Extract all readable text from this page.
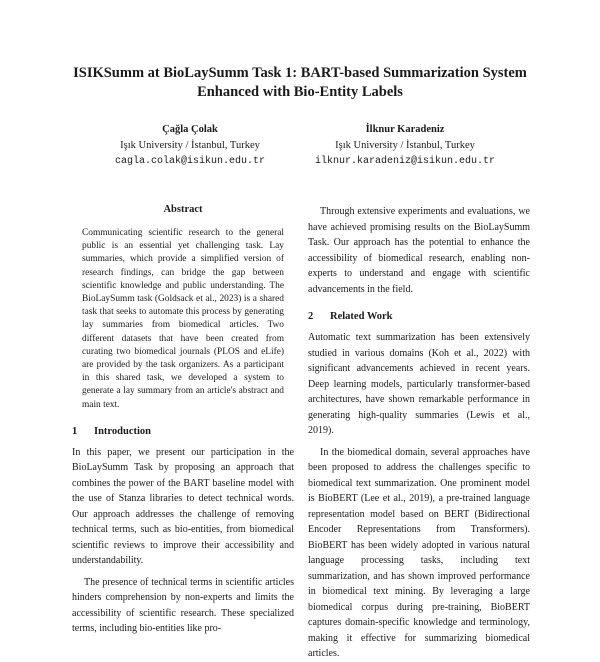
ISIKSumm at BioLaySumm Task 1: BART-based Summarization System
Enhanced with Bio-Entity Labels
Çağla Çolak
Işık University / İstanbul, Turkey
cagla.colak@isikun.edu.tr
İlknur Karadeniz
Işık University / İstanbul, Turkey
ilknur.karadeniz@isikun.edu.tr
Abstract

Communicating scientific research to the general public is an essential yet challenging task. Lay summaries, which provide a simplified version of research findings, can bridge the gap between scientific knowledge and public understanding. The BioLaySumm task (Goldsack et al., 2023) is a shared task that seeks to automate this process by generating lay summaries from biomedical articles. Two different datasets that have been created from curating two biomedical journals (PLOS and eLife) are provided by the task organizers. As a participant in this shared task, we developed a system to generate a lay summary from an article's abstract and main text.

1 Introduction

In this paper, we present our participation in the BioLaySumm Task by proposing an approach that combines the power of the BART baseline model with the use of Stanza libraries to detect technical words. Our approach addresses the challenge of removing technical terms, such as bio-entities, from biomedical scientific reviews to improve their accessibility and understandability.

The presence of technical terms in scientific articles hinders comprehension by non-experts and limits the accessibility of scientific research. These specialized terms, including bio-entities like pro-

Through extensive experiments and evaluations, we have achieved promising results on the BioLaySumm Task. Our approach has the potential to enhance the accessibility of biomedical research, enabling non-experts to understand and engage with scientific advancements in the field.

2 Related Work

Automatic text summarization has been extensively studied in various domains (Koh et al., 2022) with significant advancements achieved in recent years. Deep learning models, particularly transformer-based architectures, have shown remarkable performance in generating high-quality summaries (Lewis et al., 2019).

In the biomedical domain, several approaches have been proposed to address the challenges specific to biomedical text summarization. One prominent model is BioBERT (Lee et al., 2019), a pre-trained language representation model based on BERT (Bidirectional Encoder Representations from Transformers). BioBERT has been widely adopted in various natural language processing tasks, including text summarization, and has shown improved performance in biomedical text mining. By leveraging a large biomedical corpus during pre-training, BioBERT captures domain-specific knowledge and terminology, making it effective for summarizing biomedical articles.
